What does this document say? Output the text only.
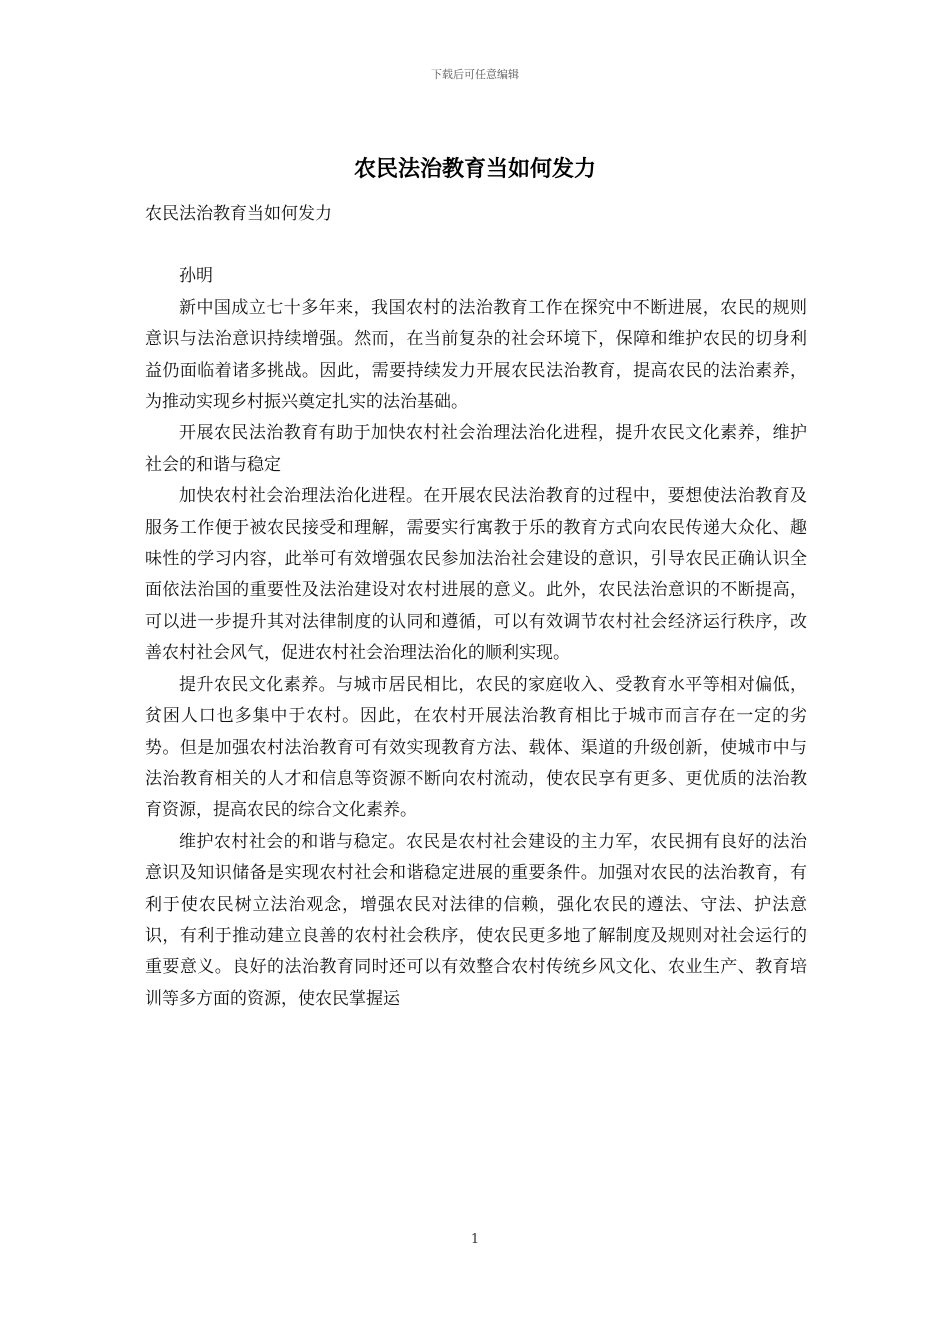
下载后可任意编辑
农民法治教育当如何发力

农民法治教育当如何发力

孙明

新中国成立七十多年来，我国农村的法治教育工作在探究中不断进展，农民的规则意识与法治意识持续增强。然而，在当前复杂的社会环境下，保障和维护农民的切身利益仍面临着诸多挑战。因此，需要持续发力开展农民法治教育，提高农民的法治素养，为推动实现乡村振兴奠定扎实的法治基础。

开展农民法治教育有助于加快农村社会治理法治化进程，提升农民文化素养，维护社会的和谐与稳定

加快农村社会治理法治化进程。在开展农民法治教育的过程中，要想使法治教育及服务工作便于被农民接受和理解，需要实行寓教于乐的教育方式向农民传递大众化、趣味性的学习内容，此举可有效增强农民参加法治社会建设的意识，引导农民正确认识全面依法治国的重要性及法治建设对农村进展的意义。此外，农民法治意识的不断提高，可以进一步提升其对法律制度的认同和遵循，可以有效调节农村社会经济运行秩序，改善农村社会风气，促进农村社会治理法治化的顺利实现。

提升农民文化素养。与城市居民相比，农民的家庭收入、受教育水平等相对偏低，贫困人口也多集中于农村。因此，在农村开展法治教育相比于城市而言存在一定的劣势。但是加强农村法治教育可有效实现教育方法、载体、渠道的升级创新，使城市中与法治教育相关的人才和信息等资源不断向农村流动，使农民享有更多、更优质的法治教育资源，提高农民的综合文化素养。

维护农村社会的和谐与稳定。农民是农村社会建设的主力军，农民拥有良好的法治意识及知识储备是实现农村社会和谐稳定进展的重要条件。加强对农民的法治教育，有利于使农民树立法治观念，增强农民对法律的信赖，强化农民的遵法、守法、护法意识，有利于推动建立良善的农村社会秩序，使农民更多地了解制度及规则对社会运行的重要意义。良好的法治教育同时还可以有效整合农村传统乡风文化、农业生产、教育培训等多方面的资源，使农民掌握运

1
